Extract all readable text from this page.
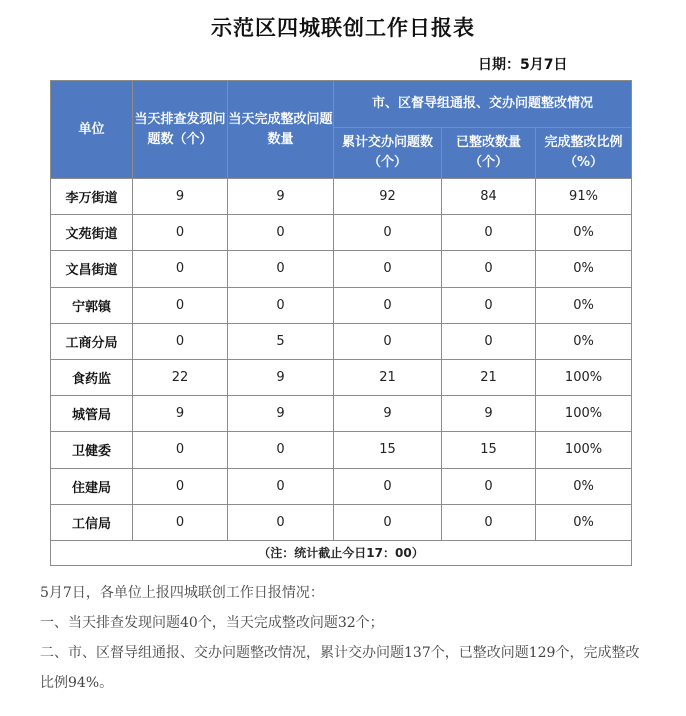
示范区四城联创工作日报表
日期：5月7日
单位	当天排查发现问题数（个）	当天完成整改问题数量	市、区督导组通报、交办问题整改情况		
			累计交办问题数（个）	已整改数量（个）	完成整改比例（%）
李万街道	9	9	92	84	91%
文苑街道	0	0	0	0	0%
文昌街道	0	0	0	0	0%
宁郭镇	0	0	0	0	0%
工商分局	0	5	0	0	0%
食药监	22	9	21	21	100%
城管局	9	9	9	9	100%
卫健委	0	0	15	15	100%
住建局	0	0	0	0	0%
工信局	0	0	0	0	0%
（注：统计截止今日17：00）					

5月7日，各单位上报四城联创工作日报情况：

一、当天排查发现问题40个，当天完成整改问题32个；

二、市、区督导组通报、交办问题整改情况，累计交办问题137个，已整改问题129个，完成整改比例94%。
